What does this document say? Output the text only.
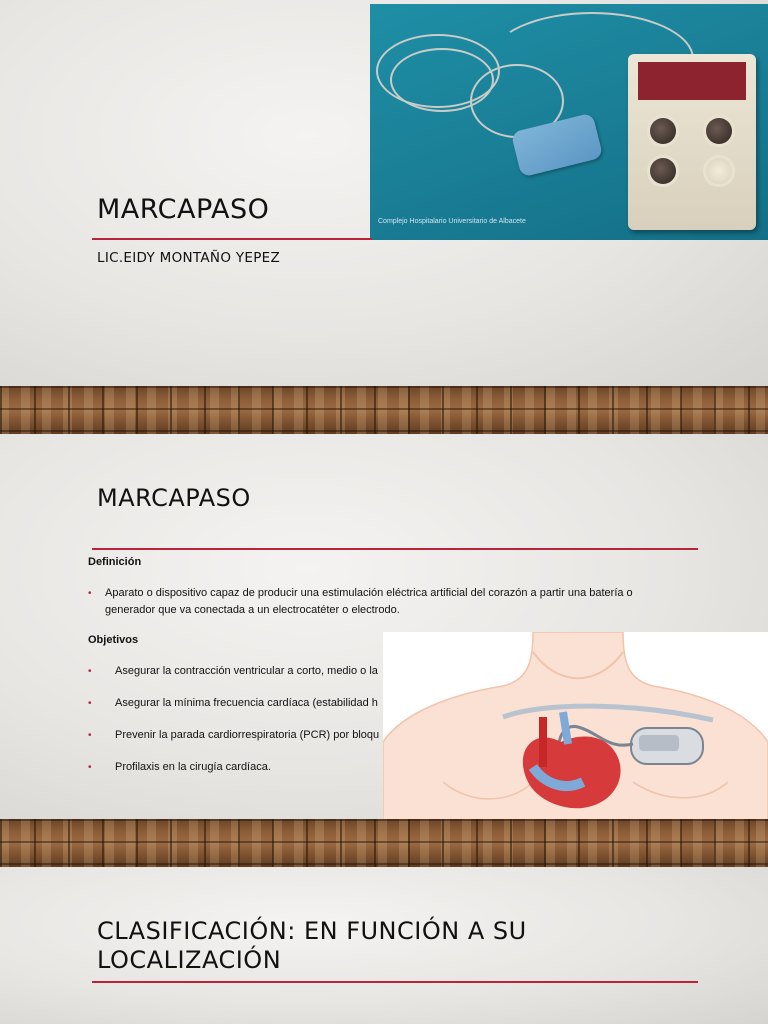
Complejo Hospitalario Universitario de Albacete
MARCAPASO
LIC.EIDY MONTAÑO YEPEZ
MARCAPASO
Definición
• Aparato o dispositivo capaz de producir una estimulación eléctrica artificial del corazón a partir una batería o
generador que va conectada a un electrocatéter o electrodo.
Objetivos
•	Asegurar la contracción ventricular a corto, medio o la
•	Asegurar la mínima frecuencia cardíaca (estabilidad h
•	Prevenir la parada cardiorrespiratoria (PCR) por bloqu
•	Profilaxis en la cirugía cardíaca.
CLASIFICACIÓN: EN FUNCIÓN A SU
LOCALIZACIÓN
